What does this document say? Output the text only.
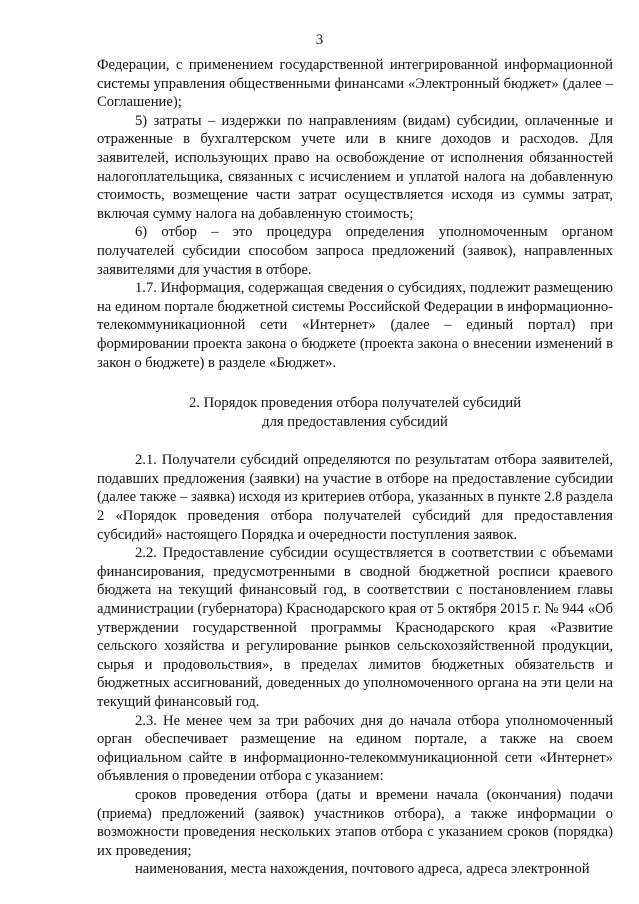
3

Федерации, с применением государственной интегрированной информационной системы управления общественными финансами «Электронный бюджет» (далее – Соглашение);

5) затраты – издержки по направлениям (видам) субсидии, оплаченные и отраженные в бухгалтерском учете или в книге доходов и расходов. Для заявителей, использующих право на освобождение от исполнения обязанностей налогоплательщика, связанных с исчислением и уплатой налога на добавленную стоимость, возмещение части затрат осуществляется исходя из суммы затрат, включая сумму налога на добавленную стоимость;

6) отбор – это процедура определения уполномоченным органом получателей субсидии способом запроса предложений (заявок), направленных заявителями для участия в отборе.

1.7. Информация, содержащая сведения о субсидиях, подлежит размещению на едином портале бюджетной системы Российской Федерации в информационно-телекоммуникационной сети «Интернет» (далее – единый портал) при формировании проекта закона о бюджете (проекта закона о внесении изменений в закон о бюджете) в разделе «Бюджет».

2. Порядок проведения отбора получателей субсидий
для предоставления субсидий

2.1. Получатели субсидий определяются по результатам отбора заявителей, подавших предложения (заявки) на участие в отборе на предоставление субсидии (далее также – заявка) исходя из критериев отбора, указанных в пункте 2.8 раздела 2 «Порядок проведения отбора получателей субсидий для предоставления субсидий» настоящего Порядка и очередности поступления заявок.

2.2. Предоставление субсидии осуществляется в соответствии с объемами финансирования, предусмотренными в сводной бюджетной росписи краевого бюджета на текущий финансовый год, в соответствии с постановлением главы администрации (губернатора) Краснодарского края от 5 октября 2015 г. № 944 «Об утверждении государственной программы Краснодарского края «Развитие сельского хозяйства и регулирование рынков сельскохозяйственной продукции, сырья и продовольствия», в пределах лимитов бюджетных обязательств и бюджетных ассигнований, доведенных до уполномоченного органа на эти цели на текущий финансовый год.

2.3. Не менее чем за три рабочих дня до начала отбора уполномоченный орган обеспечивает размещение на едином портале, а также на своем официальном сайте в информационно-телекоммуникационной сети «Интернет» объявления о проведении отбора с указанием:

сроков проведения отбора (даты и времени начала (окончания) подачи (приема) предложений (заявок) участников отбора), а также информации о возможности проведения нескольких этапов отбора с указанием сроков (порядка) их проведения;

наименования, места нахождения, почтового адреса, адреса электронной
